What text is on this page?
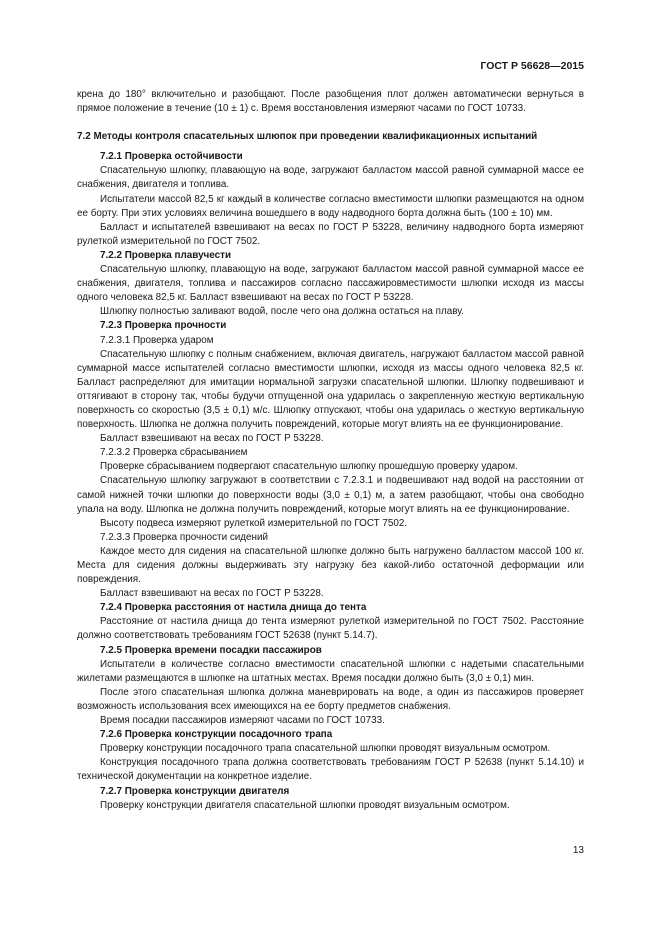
ГОСТ Р 56628—2015

крена до 180° включительно и разобщают. После разобщения плот должен автоматически вернуться в прямое положение в течение (10 ± 1) с. Время восстановления измеряют часами по ГОСТ 10733.

7.2 Методы контроля спасательных шлюпок при проведении квалификационных испытаний

7.2.1 Проверка остойчивости

Спасательную шлюпку, плавающую на воде, загружают балластом массой равной суммарной массе ее снабжения, двигателя и топлива.

Испытатели массой 82,5 кг каждый в количестве согласно вместимости шлюпки размещаются на одном ее борту. При этих условиях величина вошедшего в воду надводного борта должна быть (100 ± 10) мм.

Балласт и испытателей взвешивают на весах по ГОСТ Р 53228, величину надводного борта измеряют рулеткой измерительной по ГОСТ 7502.

7.2.2 Проверка плавучести

Спасательную шлюпку, плавающую на воде, загружают балластом массой равной суммарной массе ее снабжения, двигателя, топлива и пассажиров согласно пассажировместимости шлюпки исходя из массы одного человека 82,5 кг. Балласт взвешивают на весах по ГОСТ Р 53228.

Шлюпку полностью заливают водой, после чего она должна остаться на плаву.

7.2.3 Проверка прочности

7.2.3.1 Проверка ударом

Спасательную шлюпку с полным снабжением, включая двигатель, нагружают балластом массой равной суммарной массе испытателей согласно вместимости шлюпки, исходя из массы одного человека 82,5 кг. Балласт распределяют для имитации нормальной загрузки спасательной шлюпки. Шлюпку подвешивают и оттягивают в сторону так, чтобы будучи отпущенной она ударилась о закрепленную жесткую вертикальную поверхность со скоростью (3,5 ± 0,1) м/с. Шлюпку отпускают, чтобы она ударилась о жесткую вертикальную поверхность. Шлюпка не должна получить повреждений, которые могут влиять на ее функционирование.

Балласт взвешивают на весах по ГОСТ Р 53228.

7.2.3.2 Проверка сбрасыванием

Проверке сбрасыванием подвергают спасательную шлюпку прошедшую проверку ударом.

Спасательную шлюпку загружают в соответствии с 7.2.3.1 и подвешивают над водой на расстоянии от самой нижней точки шлюпки до поверхности воды (3,0 ± 0,1) м, а затем разобщают, чтобы она свободно упала на воду. Шлюпка не должна получить повреждений, которые могут влиять на ее функционирование.

Высоту подвеса измеряют рулеткой измерительной по ГОСТ 7502.

7.2.3.3 Проверка прочности сидений

Каждое место для сидения на спасательной шлюпке должно быть нагружено балластом массой 100 кг. Места для сидения должны выдерживать эту нагрузку без какой-либо остаточной деформации или повреждения.

Балласт взвешивают на весах по ГОСТ Р 53228.

7.2.4 Проверка расстояния от настила днища до тента

Расстояние от настила днища до тента измеряют рулеткой измерительной по ГОСТ 7502. Расстояние должно соответствовать требованиям ГОСТ 52638 (пункт 5.14.7).

7.2.5 Проверка времени посадки пассажиров

Испытатели в количестве согласно вместимости спасательной шлюпки с надетыми спасательными жилетами размещаются в шлюпке на штатных местах. Время посадки должно быть (3,0 ± 0,1) мин.

После этого спасательная шлюпка должна маневрировать на воде, а один из пассажиров проверяет возможность использования всех имеющихся на ее борту предметов снабжения.

Время посадки пассажиров измеряют часами по ГОСТ 10733.

7.2.6 Проверка конструкции посадочного трапа

Проверку конструкции посадочного трапа спасательной шлюпки проводят визуальным осмотром.

Конструкция посадочного трапа должна соответствовать требованиям ГОСТ Р 52638 (пункт 5.14.10) и технической документации на конкретное изделие.

7.2.7 Проверка конструкции двигателя

Проверку конструкции двигателя спасательной шлюпки проводят визуальным осмотром.

13
